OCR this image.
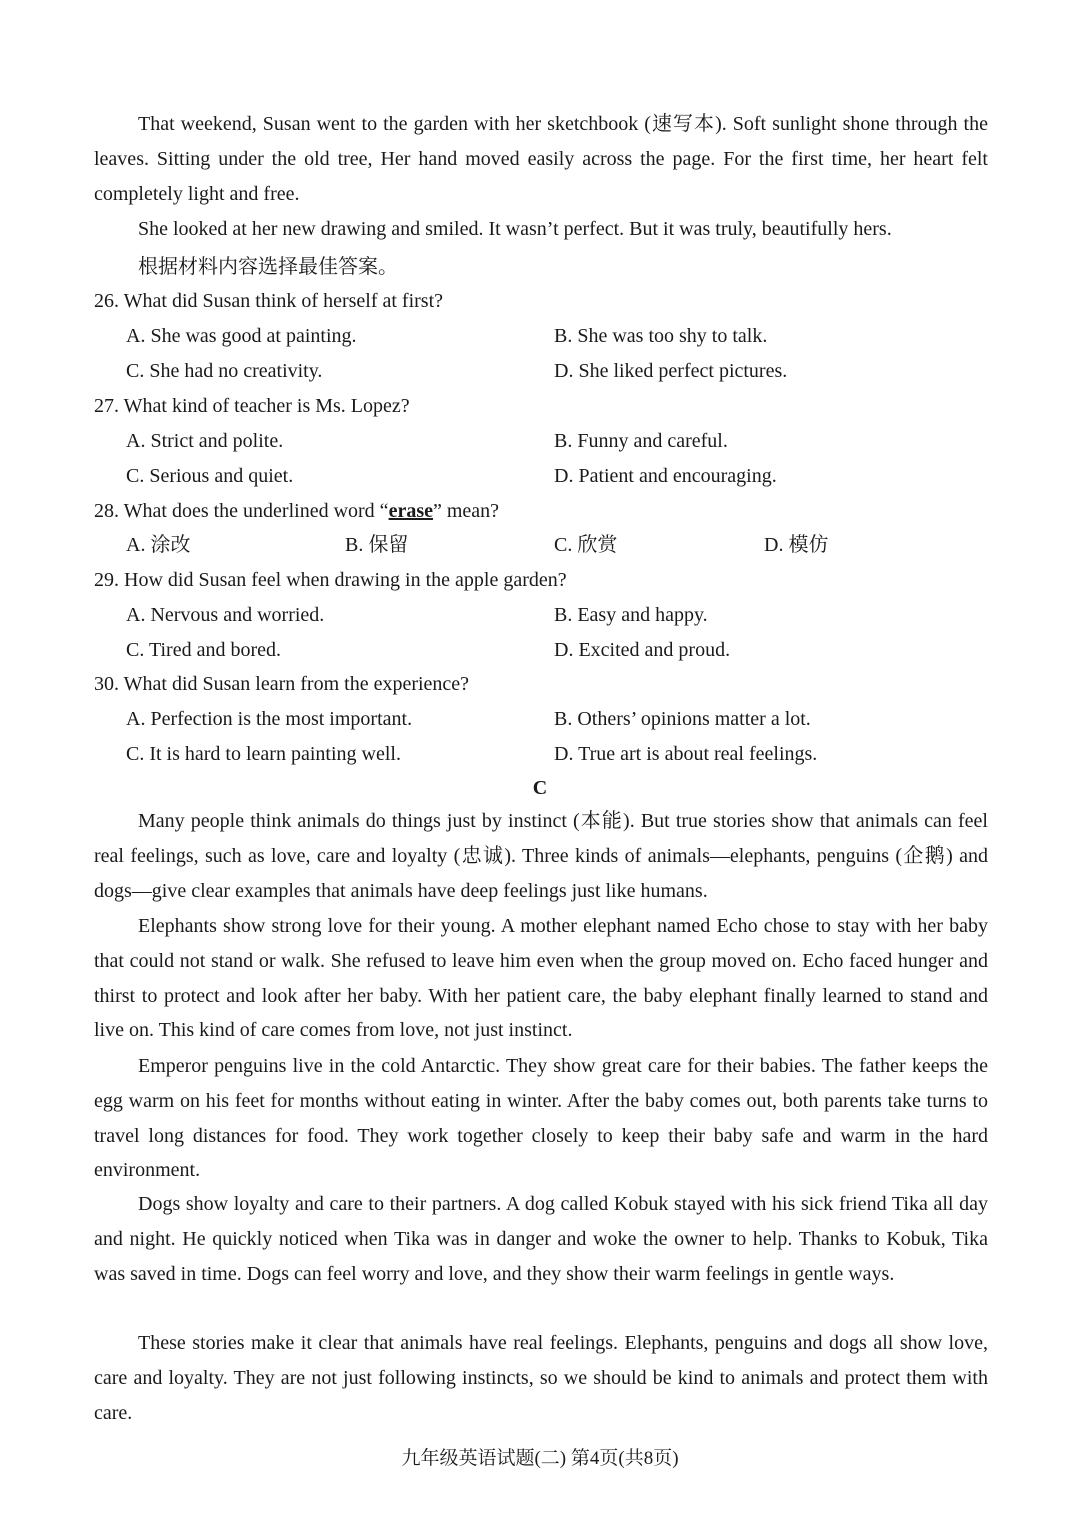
That weekend, Susan went to the garden with her sketchbook (速写本). Soft sunlight shone through the leaves. Sitting under the old tree, Her hand moved easily across the page. For the first time, her heart felt completely light and free.

She looked at her new drawing and smiled. It wasn’t perfect. But it was truly, beautifully hers.

根据材料内容选择最佳答案。

26. What did Susan think of herself at first?

A. She was good at painting.	B. She was too shy to talk.

C. She had no creativity.	D. She liked perfect pictures.

27. What kind of teacher is Ms. Lopez?

A. Strict and polite.	B. Funny and careful.

C. Serious and quiet.	D. Patient and encouraging.

28. What does the underlined word “erase” mean?

A. 涂改	B. 保留	C. 欣赏	D. 模仿

29. How did Susan feel when drawing in the apple garden?

A. Nervous and worried.	B. Easy and happy.

C. Tired and bored.	D. Excited and proud.

30. What did Susan learn from the experience?

A. Perfection is the most important.	B. Others’ opinions matter a lot.

C. It is hard to learn painting well.	D. True art is about real feelings.

C

Many people think animals do things just by instinct (本能). But true stories show that animals can feel real feelings, such as love, care and loyalty (忠诚). Three kinds of animals—elephants, penguins (企鹅) and dogs—give clear examples that animals have deep feelings just like humans.

Elephants show strong love for their young. A mother elephant named Echo chose to stay with her baby that could not stand or walk. She refused to leave him even when the group moved on. Echo faced hunger and thirst to protect and look after her baby. With her patient care, the baby elephant finally learned to stand and live on. This kind of care comes from love, not just instinct.

Emperor penguins live in the cold Antarctic. They show great care for their babies. The father keeps the egg warm on his feet for months without eating in winter. After the baby comes out, both parents take turns to travel long distances for food. They work together closely to keep their baby safe and warm in the hard environment.

Dogs show loyalty and care to their partners. A dog called Kobuk stayed with his sick friend Tika all day and night. He quickly noticed when Tika was in danger and woke the owner to help. Thanks to Kobuk, Tika was saved in time. Dogs can feel worry and love, and they show their warm feelings in gentle ways.

These stories make it clear that animals have real feelings. Elephants, penguins and dogs all show love, care and loyalty. They are not just following instincts, so we should be kind to animals and protect them with care.

九年级英语试题(二) 第4页(共8页)
